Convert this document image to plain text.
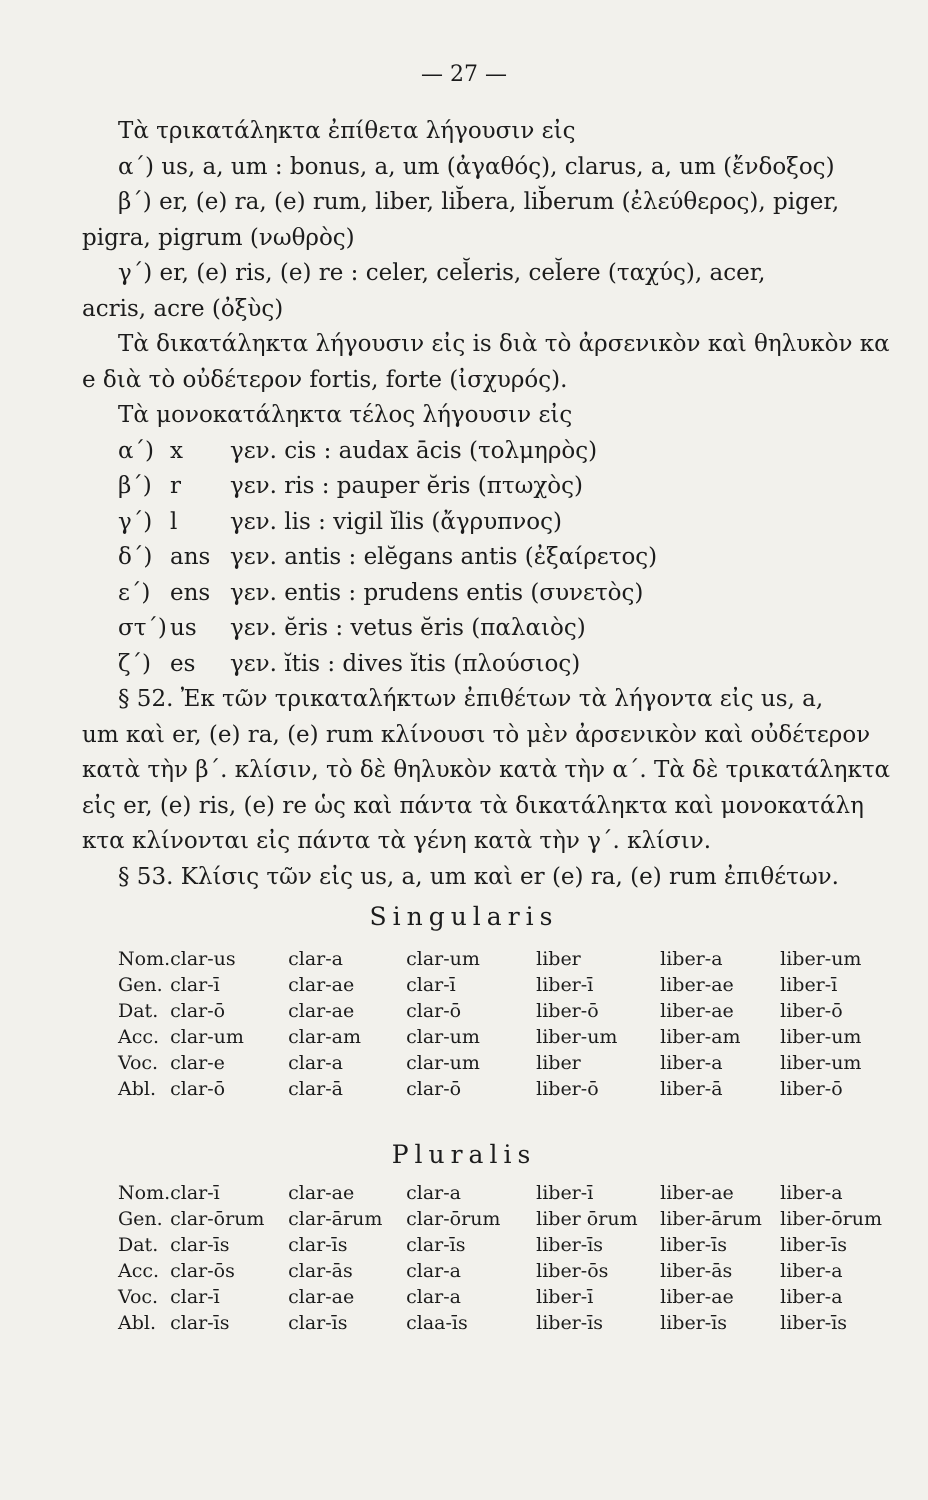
— 27 —
Τὰ τρικατάληκτα ἐπίθετα λήγουσιν εἰς
α΄) us, a, um : bonus, a, um (ἀγαθός), clarus, a, um (ἔνδοξος)
β΄) er, (e) ra, (e) rum, liber, lib̆era, lib̆erum (ἐλεύθερος), piger,
pigra, pigrum (νωθρὸς)
γ΄) er, (e) ris, (e) re : celer, cel̆eris, cel̆ere (ταχύς), acer,
acris, acre (ὀξὺς)
Τὰ δικατάληκτα λήγουσιν εἰς is διὰ τὸ ἀρσενικὸν καὶ θηλυκὸν κα
e διὰ τὸ οὐδέτερον fortis, forte (ἰσχυρός).
Τὰ μονοκατάληκτα τέλος λήγουσιν εἰς
α΄) x γεν. cis : audax ācis (τολμηρὸς)
β΄) r γεν. ris : pauper ĕris (πτωχὸς)
γ΄) l γεν. lis : vigil ĭlis (ἄγρυπνος)
δ΄) ans γεν. antis : elĕgans antis (ἐξαίρετος)
ε΄) ens γεν. entis : prudens entis (συνετὸς)
στ΄) us γεν. ĕris : vetus ĕris (παλαιὸς)
ζ΄) es γεν. ĭtis : dives ĭtis (πλούσιος)
§ 52. Ἐκ τῶν τρικαταλήκτων ἐπιθέτων τὰ λήγοντα εἰς us, a,
um καὶ er, (e) ra, (e) rum κλίνουσι τὸ μὲν ἀρσενικὸν καὶ οὐδέτερον
κατὰ τὴν β΄. κλίσιν, τὸ δὲ θηλυκὸν κατὰ τὴν α΄. Τὰ δὲ τρικατάληκτα
εἰς er, (e) ris, (e) re ὡς καὶ πάντα τὰ δικατάληκτα καὶ μονοκατάλη
κτα κλίνονται εἰς πάντα τὰ γένη κατὰ τὴν γ΄. κλίσιν.
§ 53. Κλίσις τῶν εἰς us, a, um καὶ er (e) ra, (e) rum ἐπιθέτων.
Singularis
Nom.	clar-us	clar-a	clar-um	liber	liber-a	liber-um
Gen.	clar-ī	clar-ae	clar-ī	liber-ī	liber-ae	liber-ī
Dat.	clar-ō	clar-ae	clar-ō	liber-ō	liber-ae	liber-ō
Acc.	clar-um	clar-am	clar-um	liber-um	liber-am	liber-um
Voc.	clar-e	clar-a	clar-um	liber	liber-a	liber-um
Abl.	clar-ō	clar-ā	clar-ō	liber-ō	liber-ā	liber-ō
Pluralis
Nom.	clar-ī	clar-ae	clar-a	liber-ī	liber-ae	liber-a
Gen.	clar-ōrum	clar-ārum	clar-ōrum	liber ōrum	liber-ārum	liber-ōrum
Dat.	clar-īs	clar-īs	clar-īs	liber-īs	liber-īs	liber-īs
Acc.	clar-ōs	clar-ās	clar-a	liber-ōs	liber-ās	liber-a
Voc.	clar-ī	clar-ae	clar-a	liber-ī	liber-ae	liber-a
Abl.	clar-īs	clar-īs	claa-īs	liber-īs	liber-īs	liber-īs
